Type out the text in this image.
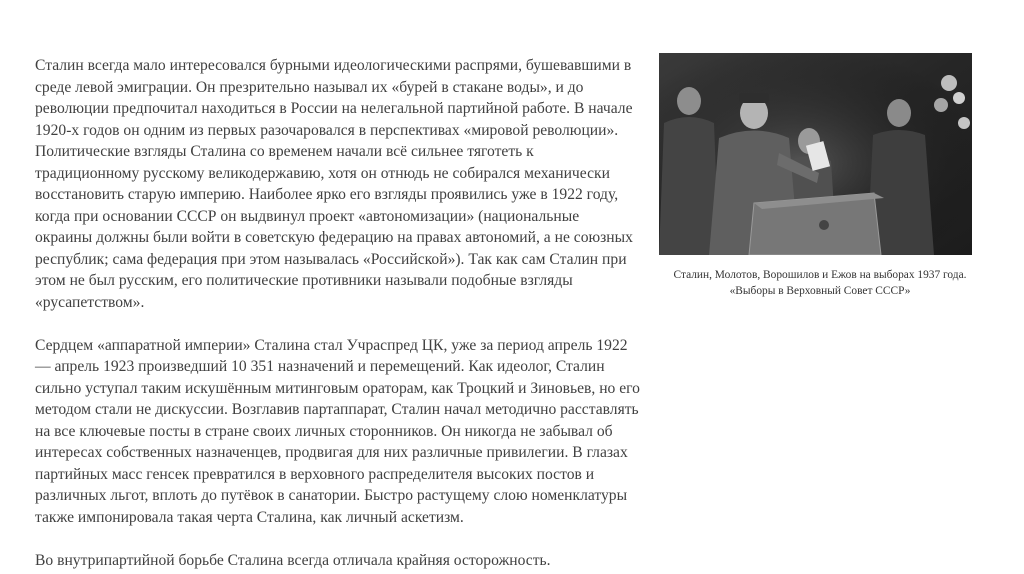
Сталин всегда мало интересовался бурными идеологическими распрями, бушевавшими в среде левой эмиграции. Он презрительно называл их «бурей в стакане воды», и до революции предпочитал находиться в России на нелегальной партийной работе. В начале 1920-х годов он одним из первых разочаровался в перспективах «мировой революции». Политические взгляды Сталина со временем начали всё сильнее тяготеть к традиционному русскому великодержавию, хотя он отнюдь не собирался механически восстановить старую империю. Наиболее ярко его взгляды проявились уже в 1922 году, когда при основании СССР он выдвинул проект «автономизации» (национальные окраины должны были войти в советскую федерацию на правах автономий, а не союзных республик; сама федерация при этом называлась «Российской»). Так как сам Сталин при этом не был русским, его политические противники называли подобные взгляды «русапетством».

Сердцем «аппаратной империи» Сталина стал Учраспред ЦК, уже за период апрель 1922 — апрель 1923 произведший 10 351 назначений и перемещений. Как идеолог, Сталин сильно уступал таким искушённым митинговым ораторам, как Троцкий и Зиновьев, но его методом стали не дискуссии. Возглавив партаппарат, Сталин начал методично расставлять на все ключевые посты в стране своих личных сторонников. Он никогда не забывал об интересах собственных назначенцев, продвигая для них различные привилегии. В глазах партийных масс генсек превратился в верховного распределителя высоких постов и различных льгот, вплоть до путёвок в санатории. Быстро растущему слою номенклатуры также импонировала такая черта Сталина, как личный аскетизм.

Во внутрипартийной борьбе Сталина всегда отличала крайняя осторожность.

Сталин, Молотов, Ворошилов и Ежов на выборах 1937 года. «Выборы в Верховный Совет СССР»
